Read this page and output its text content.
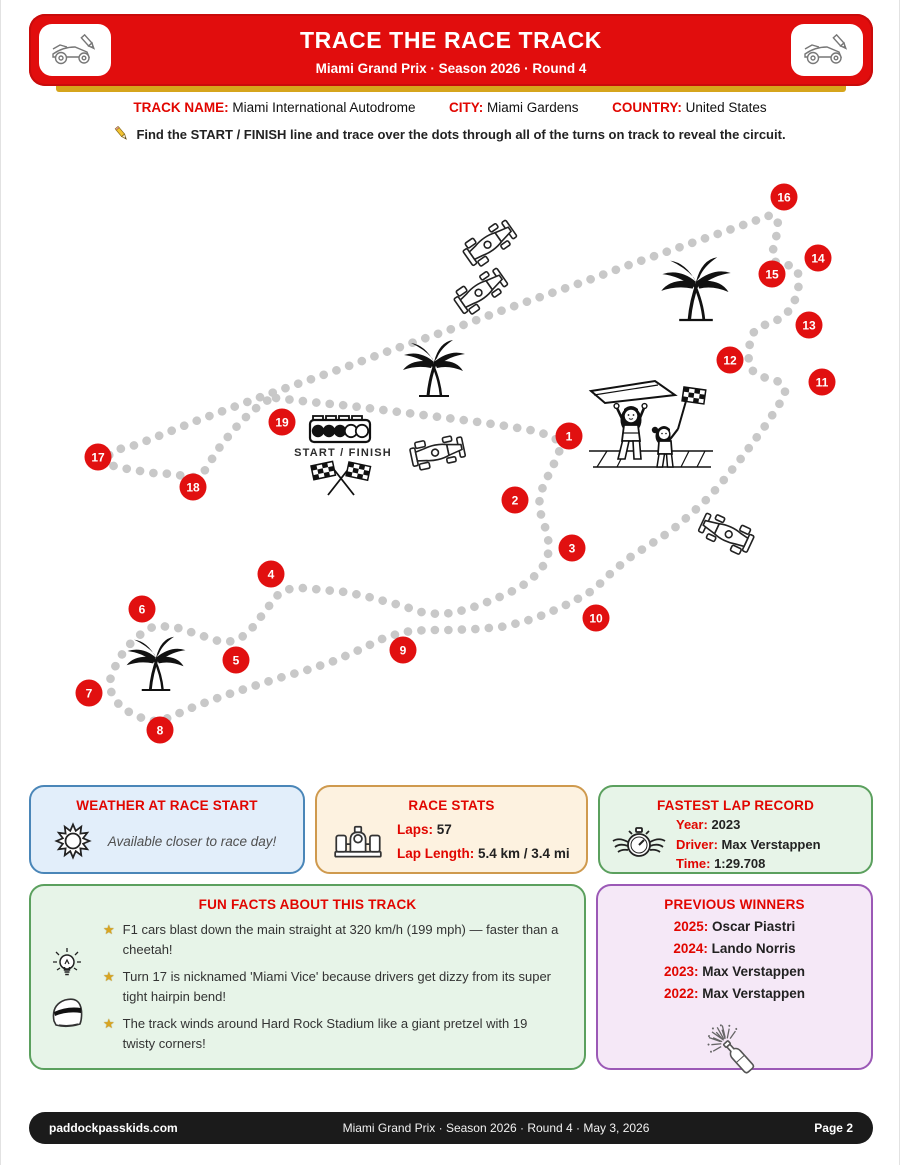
START / FINISH
1
2
3
4
5
6
7
8
9
10
11
12
13
14
15
16
17
18
19
TRACE THE RACE TRACK
Miami Grand Prix · Season 2026 · Round 4
TRACK NAME: Miami International Autodrome CITY: Miami Gardens COUNTRY: United States
Find the START / FINISH line and trace over the dots through all of the turns on track to reveal the circuit.
WEATHER AT RACE START
Available closer to race day!
RACE STATS
Laps: 57
Lap Length: 5.4 km / 3.4 mi
FASTEST LAP RECORD
Year: 2023
Driver: Max Verstappen
Time: 1:29.708
FUN FACTS ABOUT THIS TRACK
★ F1 cars blast down the main straight at 320 km/h (199 mph) — faster than a cheetah!
★ Turn 17 is nicknamed 'Miami Vice' because drivers get dizzy from its super tight hairpin bend!
★ The track winds around Hard Rock Stadium like a giant pretzel with 19 twisty corners!
PREVIOUS WINNERS
2025: Oscar Piastri
2024: Lando Norris
2023: Max Verstappen
2022: Max Verstappen
paddockpasskids.com	Miami Grand Prix · Season 2026 · Round 4 · May 3, 2026	Page 2
